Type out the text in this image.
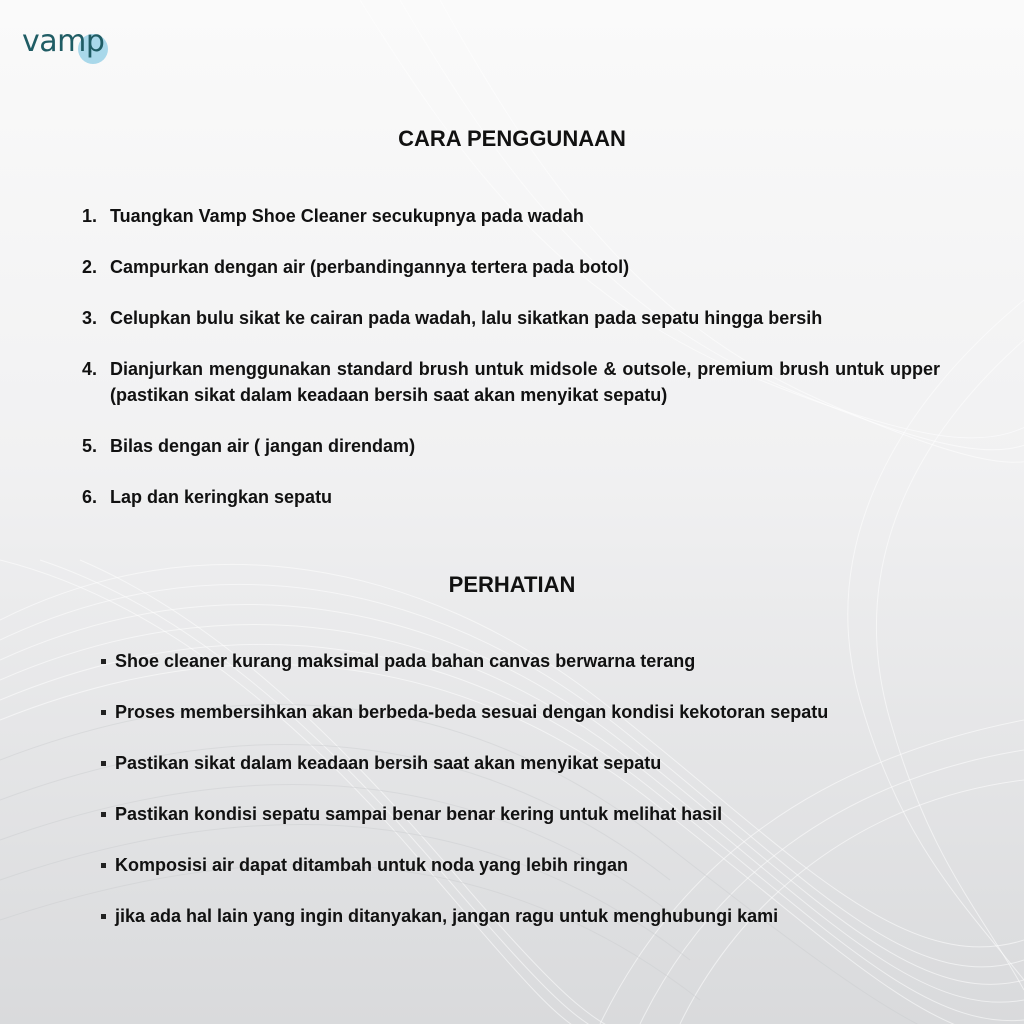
vamp
CARA PENGGUNAAN
1. Tuangkan Vamp Shoe Cleaner secukupnya pada wadah
2. Campurkan dengan air (perbandingannya tertera pada botol)
3. Celupkan bulu sikat ke cairan pada wadah, lalu sikatkan pada sepatu hingga bersih
4. Dianjurkan menggunakan standard brush untuk midsole & outsole, premium brush untuk upper (pastikan sikat dalam keadaan bersih saat akan menyikat sepatu)
5. Bilas dengan air ( jangan direndam)
6. Lap dan keringkan sepatu
PERHATIAN
Shoe cleaner kurang maksimal pada bahan canvas berwarna terang
Proses membersihkan akan berbeda-beda sesuai dengan kondisi kekotoran sepatu
Pastikan sikat dalam keadaan bersih saat akan menyikat sepatu
Pastikan kondisi sepatu sampai benar benar kering untuk melihat hasil
Komposisi air dapat ditambah untuk noda yang lebih ringan
jika ada hal lain yang ingin ditanyakan, jangan ragu untuk menghubungi kami
